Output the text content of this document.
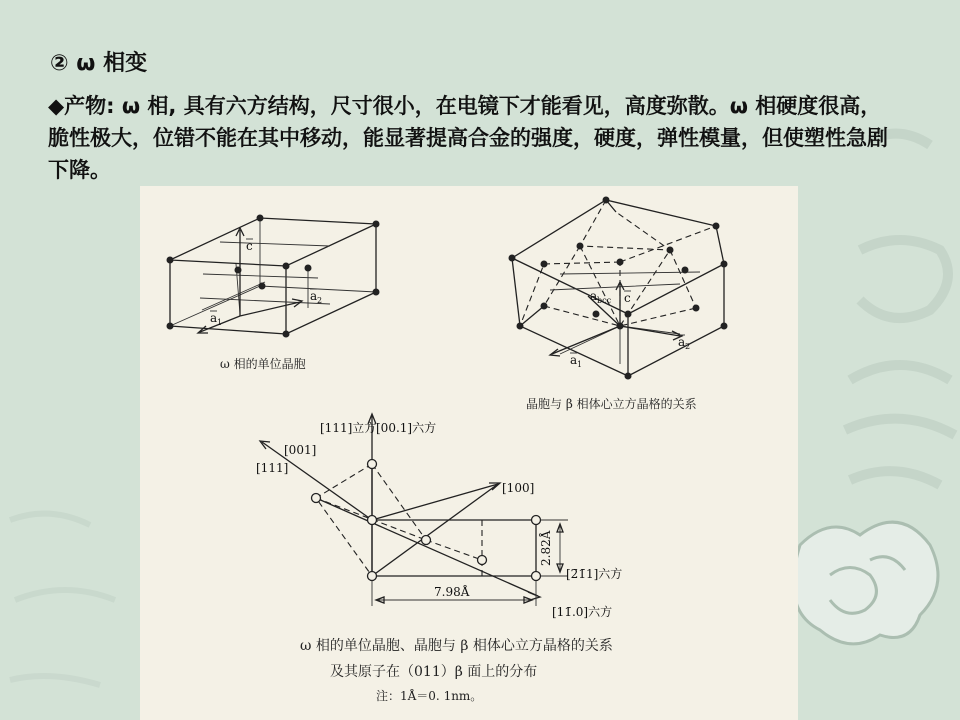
② ω 相变
◆产物: ω 相, 具有六方结构，尺寸很小，在电镜下才能看见，高度弥散。ω 相硬度很高，脆性极大，位错不能在其中移动，能显著提高合金的强度，硬度，弹性模量，但使塑性急剧下降。
c
a 1
a 2
ω 相的单位晶胞
c
a 1
a 2
a bcc
晶胞与 β 相体心立方晶格的关系
[111]立方 [00.1]六方
[001]
[111]
[100]
[2̄1̄1]六方
[11̄.0]六方
7.98Å
2.82Å
ω 相的单位晶胞、晶胞与 β 相体心立方晶格的关系
及其原子在（011）β 面上的分布
注：1Å＝0. 1nm。
